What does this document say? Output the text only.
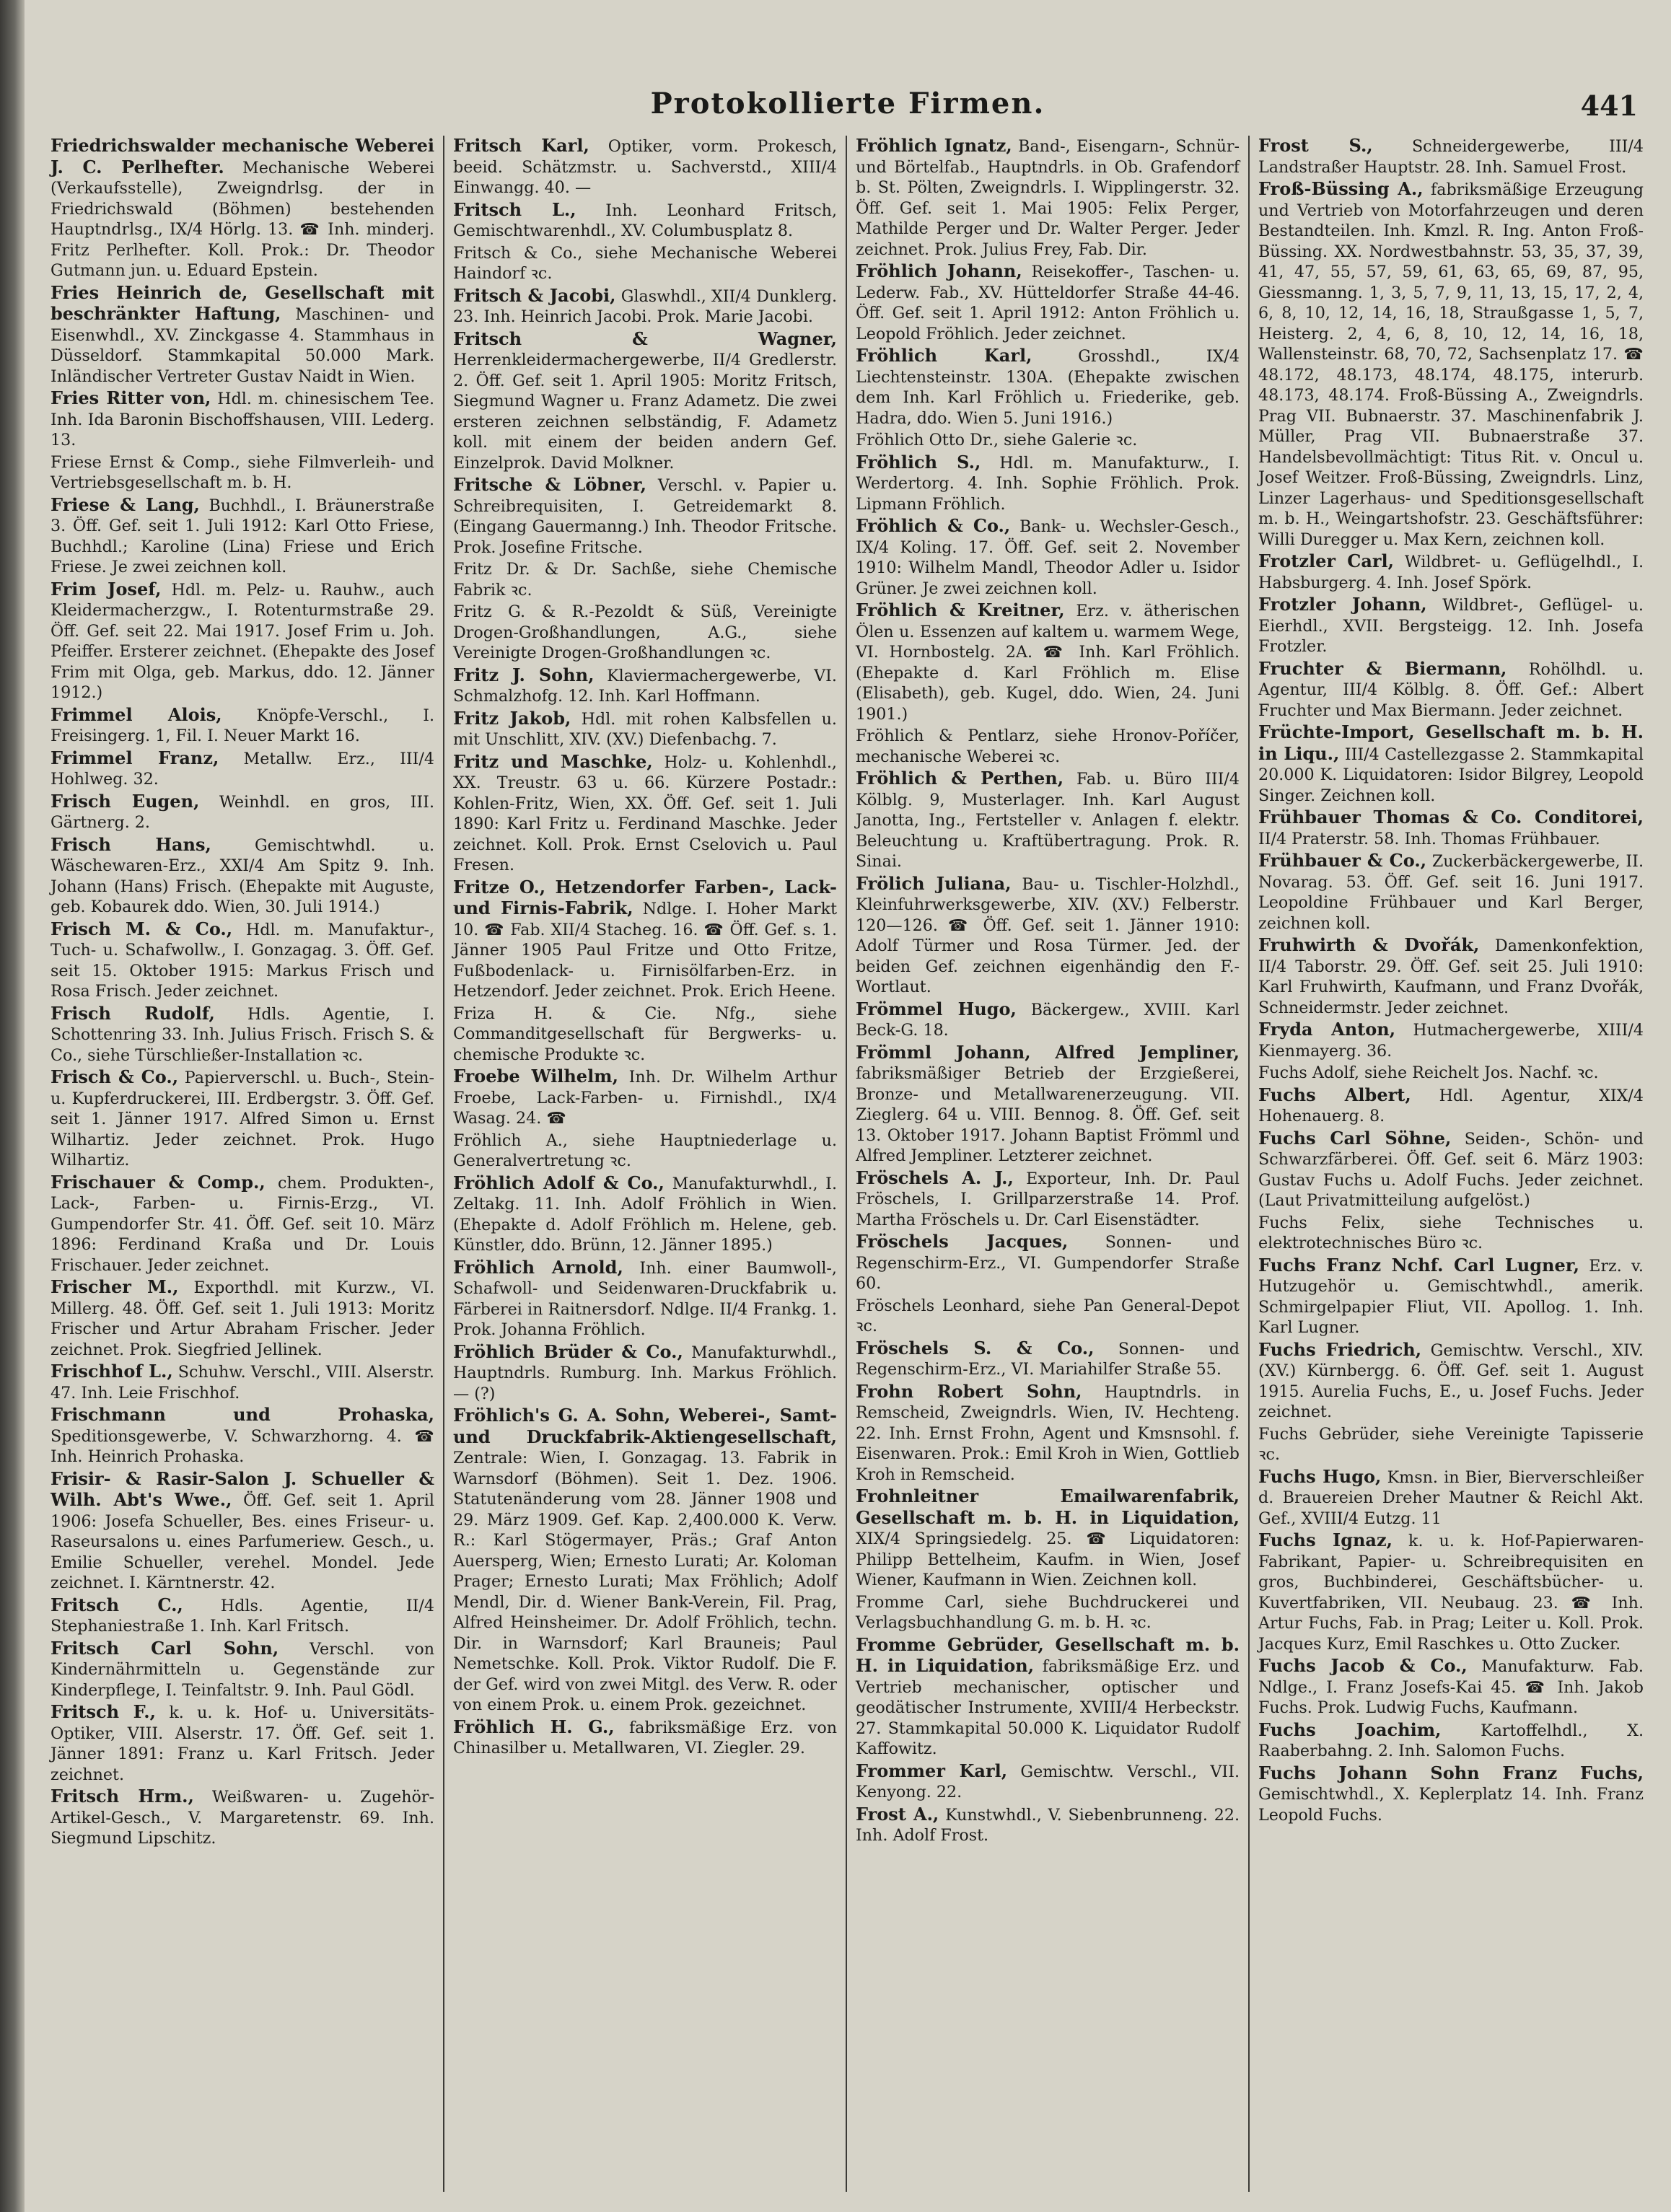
Protokollierte Firmen.	441

Friedrichswalder mechanische Weberei J. C. Perlhefter. Mechanische Weberei (Verkaufsstelle), Zweigndrlsg. der in Friedrichswald (Böhmen) bestehenden Hauptndrlsg., IX/4 Hörlg. 13. ☎ Inh. minderj. Fritz Perlhefter. Koll. Prok.: Dr. Theodor Gutmann jun. u. Eduard Epstein.

Fries Heinrich de, Gesellschaft mit beschränkter Haftung, Maschinen- und Eisenwhdl., XV. Zinckgasse 4. Stammhaus in Düsseldorf. Stammkapital 50.000 Mark. Inländischer Vertreter Gustav Naidt in Wien.

Fries Ritter von, Hdl. m. chinesischem Tee. Inh. Ida Baronin Bischoffshausen, VIII. Lederg. 13.

Friese Ernst & Comp., siehe Filmverleih- und Vertriebsgesellschaft m. b. H.

Friese & Lang, Buchhdl., I. Bräunerstraße 3. Öff. Gef. seit 1. Juli 1912: Karl Otto Friese, Buchhdl.; Karoline (Lina) Friese und Erich Friese. Je zwei zeichnen koll.

Frim Josef, Hdl. m. Pelz- u. Rauhw., auch Kleidermacherzgw., I. Rotenturmstraße 29. Öff. Gef. seit 22. Mai 1917. Josef Frim u. Joh. Pfeiffer. Ersterer zeichnet. (Ehepakte des Josef Frim mit Olga, geb. Markus, ddo. 12. Jänner 1912.)

Frimmel Alois, Knöpfe-Verschl., I. Freisingerg. 1, Fil. I. Neuer Markt 16.

Frimmel Franz, Metallw. Erz., III/4 Hohlweg. 32.

Frisch Eugen, Weinhdl. en gros, III. Gärtnerg. 2.

Frisch Hans,	Gemischtwhdl. u. Wäschewaren-Erz., XXI/4 Am Spitz 9. Inh. Johann (Hans) Frisch. (Ehepakte mit Auguste, geb. Kobaurek ddo. Wien, 30. Juli 1914.)

Frisch M. & Co., Hdl. m. Manufaktur-, Tuch- u. Schafwollw., I. Gonzagag. 3. Öff. Gef. seit 15. Oktober 1915: Markus Frisch und Rosa Frisch. Jeder zeichnet.

Frisch Rudolf, Hdls. Agentie, I. Schottenring 33. Inh. Julius Frisch. Frisch S. & Co., siehe Türschließer-Installation ꝛc.

Frisch & Co., Papierverschl. u. Buch-, Stein- u. Kupferdruckerei, III. Erdbergstr. 3. Öff. Gef. seit 1. Jänner 1917. Alfred Simon u. Ernst Wilhartiz. Jeder zeichnet. Prok. Hugo Wilhartiz.

Frischauer & Comp., chem. Produkten-, Lack-, Farben- u. Firnis-Erzg., VI. Gumpendorfer Str. 41. Öff. Gef. seit 10. März 1896: Ferdinand Kraßa und Dr. Louis Frischauer. Jeder zeichnet.

Frischer M., Exporthdl. mit Kurzw., VI. Millerg. 48. Öff. Gef. seit 1. Juli 1913: Moritz Frischer und Artur Abraham Frischer. Jeder zeichnet. Prok. Siegfried Jellinek.

Frischhof L., Schuhw. Verschl., VIII. Alserstr. 47. Inh. Leie Frischhof.

Frischmann und Prohaska, Speditionsgewerbe, V. Schwarzhorng. 4. ☎ Inh. Heinrich Prohaska.

Frisir- & Rasir-Salon J. Schueller & Wilh. Abt's Wwe., Öff. Gef. seit 1. April 1906: Josefa Schueller, Bes. eines Friseur- u. Raseursalons u. eines Parfumeriew. Gesch., u. Emilie Schueller, verehel. Mondel. Jede zeichnet. I. Kärntnerstr. 42.

Fritsch C., Hdls. Agentie, II/4 Stephaniestraße 1. Inh. Karl Fritsch.

Fritsch Carl Sohn, Verschl. von Kindernährmitteln u. Gegenstände zur Kinderpflege, I. Teinfaltstr. 9. Inh. Paul Gödl.

Fritsch F., k. u. k. Hof- u. Universitäts-Optiker, VIII. Alserstr. 17. Öff. Gef. seit 1. Jänner 1891: Franz u. Karl Fritsch. Jeder zeichnet.

Fritsch Hrm., Weißwaren- u. Zugehör-Artikel-Gesch., V. Margaretenstr. 69. Inh. Siegmund Lipschitz.

Fritsch Karl, Optiker, vorm. Prokesch, beeid. Schätzmstr. u. Sachverstd., XIII/4 Einwangg. 40. —

Fritsch L., Inh. Leonhard Fritsch, Gemischtwarenhdl., XV. Columbusplatz 8.

Fritsch & Co., siehe Mechanische Weberei Haindorf ꝛc.

Fritsch & Jacobi, Glaswhdl., XII/4 Dunklerg. 23. Inh. Heinrich Jacobi. Prok. Marie Jacobi.

Fritsch & Wagner, Herrenkleidermachergewerbe, II/4 Gredlerstr. 2. Öff. Gef. seit 1. April 1905: Moritz Fritsch, Siegmund Wagner u. Franz Adametz. Die zwei ersteren zeichnen selbständig, F. Adametz koll. mit einem der beiden andern Gef. Einzelprok. David Molkner.

Fritsche & Löbner, Verschl. v. Papier u. Schreibrequisiten, I. Getreidemarkt 8. (Eingang Gauermanng.) Inh. Theodor Fritsche. Prok. Josefine Fritsche.

Fritz Dr. & Dr. Sachße, siehe Chemische Fabrik ꝛc.

Fritz G. & R.-Pezoldt & Süß, Vereinigte Drogen-Großhandlungen, A.G., siehe Vereinigte Drogen-Großhandlungen ꝛc.

Fritz J. Sohn, Klaviermachergewerbe, VI. Schmalzhofg. 12. Inh. Karl Hoffmann.

Fritz Jakob, Hdl. mit rohen Kalbsfellen u. mit Unschlitt, XIV. (XV.) Diefenbachg. 7.

Fritz und Maschke, Holz- u. Kohlenhdl., XX. Treustr. 63 u. 66. Kürzere Postadr.: Kohlen-Fritz, Wien, XX. Öff. Gef. seit 1. Juli 1890: Karl Fritz u. Ferdinand Maschke. Jeder zeichnet. Koll. Prok. Ernst Cselovich u. Paul Fresen.

Fritze O., Hetzendorfer Farben-, Lack- und Firnis-Fabrik, Ndlge. I. Hoher Markt 10. ☎ Fab. XII/4 Stacheg. 16. ☎ Öff. Gef. s. 1. Jänner 1905 Paul Fritze und Otto Fritze, Fußbodenlack- u. Firnisölfarben-Erz. in Hetzendorf. Jeder zeichnet. Prok. Erich Heene.

Friza H. & Cie. Nfg., siehe Commanditgesellschaft für Bergwerks- u. chemische Produkte ꝛc.

Froebe Wilhelm, Inh. Dr. Wilhelm Arthur Froebe, Lack-Farben- u. Firnishdl., IX/4 Wasag. 24. ☎

Fröhlich A., siehe Hauptniederlage u. Generalvertretung ꝛc.

Fröhlich Adolf & Co., Manufakturwhdl., I. Zeltakg. 11. Inh. Adolf Fröhlich in Wien. (Ehepakte d. Adolf Fröhlich m. Helene, geb. Künstler, ddo. Brünn, 12. Jänner 1895.)

Fröhlich Arnold, Inh. einer Baumwoll-, Schafwoll- und Seidenwaren-Druckfabrik u. Färberei in Raitnersdorf. Ndlge. II/4 Frankg. 1. Prok. Johanna Fröhlich.

Fröhlich Brüder & Co., Manufakturwhdl., Hauptndrls. Rumburg. Inh. Markus Fröhlich. — (?)

Fröhlich's G. A. Sohn, Weberei-, Samt- und Druckfabrik-Aktiengesellschaft, Zentrale: Wien, I. Gonzagag. 13. Fabrik in Warnsdorf (Böhmen). Seit 1. Dez. 1906. Statutenänderung vom 28. Jänner 1908 und 29. März 1909. Gef. Kap. 2,400.000 K. Verw. R.: Karl Stögermayer, Präs.; Graf Anton Auersperg, Wien; Ernesto Lurati; Ar. Koloman Prager; Ernesto Lurati; Max Fröhlich; Adolf Mendl, Dir. d. Wiener Bank-Verein, Fil. Prag, Alfred Heinsheimer. Dr. Adolf Fröhlich, techn. Dir. in Warnsdorf; Karl Brauneis; Paul Nemetschke. Koll. Prok. Viktor Rudolf. Die F. der Gef. wird von zwei Mitgl. des Verw. R. oder von einem Prok. u. einem Prok. gezeichnet.

Fröhlich H. G., fabriksmäßige Erz. von Chinasilber u. Metallwaren, VI. Ziegler. 29.

Fröhlich Ignatz, Band-, Eisengarn-, Schnür- und Börtelfab., Hauptndrls. in Ob. Grafendorf b. St. Pölten, Zweigndrls. I. Wipplingerstr. 32. Öff. Gef. seit 1. Mai 1905: Felix Perger, Mathilde Perger und Dr. Walter Perger. Jeder zeichnet. Prok. Julius Frey, Fab. Dir.

Fröhlich Johann, Reisekoffer-, Taschen- u. Lederw. Fab., XV. Hütteldorfer Straße 44-46. Öff. Gef. seit 1. April 1912: Anton Fröhlich u. Leopold Fröhlich. Jeder zeichnet.

Fröhlich Karl,	Grosshdl., IX/4 Liechtensteinstr. 130A. (Ehepakte zwischen dem Inh. Karl Fröhlich u. Friederike, geb. Hadra, ddo. Wien 5. Juni 1916.)

Fröhlich Otto Dr., siehe Galerie ꝛc.

Fröhlich S., Hdl. m. Manufakturw., I. Werdertorg. 4. Inh. Sophie Fröhlich. Prok. Lipmann Fröhlich.

Fröhlich & Co., Bank- u. Wechsler-Gesch., IX/4 Koling. 17. Öff. Gef. seit 2. November 1910: Wilhelm Mandl, Theodor Adler u. Isidor Grüner. Je zwei zeichnen koll.

Fröhlich & Kreitner, Erz. v. ätherischen Ölen u. Essenzen auf kaltem u. warmem Wege, VI. Hornbostelg. 2A. ☎ Inh. Karl Fröhlich. (Ehepakte d. Karl Fröhlich m. Elise (Elisabeth), geb. Kugel, ddo. Wien, 24. Juni 1901.)

Fröhlich & Pentlarz, siehe Hronov-Poříčer, mechanische Weberei ꝛc.

Fröhlich & Perthen, Fab. u. Büro III/4 Kölblg. 9, Musterlager. Inh. Karl August Janotta, Ing., Fertsteller v. Anlagen f. elektr. Beleuchtung u. Kraftübertragung. Prok. R. Sinai.

Frölich Juliana, Bau- u. Tischler-Holzhdl., Kleinfuhrwerksgewerbe, XIV. (XV.) Felberstr. 120—126. ☎ Öff. Gef. seit 1. Jänner 1910: Adolf Türmer und Rosa Türmer. Jed. der beiden Gef. zeichnen eigenhändig den F.-Wortlaut.

Frömmel Hugo, Bäckergew., XVIII. Karl Beck-G. 18.

Frömml Johann, Alfred Jempliner, fabriksmäßiger Betrieb der Erzgießerei, Bronze- und Metallwarenerzeugung. VII. Zieglerg. 64 u. VIII. Bennog. 8. Öff. Gef. seit 13. Oktober 1917. Johann Baptist Frömml und Alfred Jempliner. Letzterer zeichnet.

Fröschels A. J., Exporteur, Inh. Dr. Paul Fröschels, I. Grillparzerstraße 14. Prof. Martha Fröschels u. Dr. Carl Eisenstädter.

Fröschels Jacques, Sonnen- und Regenschirm-Erz., VI. Gumpendorfer Straße 60.

Fröschels Leonhard, siehe Pan General-Depot ꝛc.

Fröschels S. & Co., Sonnen- und Regenschirm-Erz., VI. Mariahilfer Straße 55.

Frohn Robert Sohn, Hauptndrls. in Remscheid, Zweigndrls. Wien, IV. Hechteng. 22. Inh. Ernst Frohn, Agent und Kmsnsohl. f. Eisenwaren. Prok.: Emil Kroh in Wien, Gottlieb Kroh in Remscheid.

Frohnleitner Emailwarenfabrik, Gesellschaft m. b. H. in Liquidation, XIX/4 Springsiedelg. 25. ☎ Liquidatoren: Philipp Bettelheim, Kaufm. in Wien, Josef Wiener, Kaufmann in Wien. Zeichnen koll.

Fromme Carl, siehe Buchdruckerei und Verlagsbuchhandlung G. m. b. H. ꝛc.

Fromme Gebrüder, Gesellschaft m. b. H. in Liquidation, fabriksmäßige Erz. und Vertrieb mechanischer, optischer und geodätischer Instrumente, XVIII/4 Herbeckstr. 27. Stammkapital 50.000 K. Liquidator Rudolf Kaffowitz.

Frommer Karl, Gemischtw. Verschl., VII. Kenyong. 22.

Frost A., Kunstwhdl., V. Siebenbrunneng. 22. Inh. Adolf Frost.

Frost S., Schneidergewerbe, III/4 Landstraßer Hauptstr. 28. Inh. Samuel Frost.

Froß-Büssing A., fabriksmäßige Erzeugung und Vertrieb von Motorfahrzeugen und deren Bestandteilen. Inh. Kmzl. R. Ing. Anton Froß-Büssing. XX. Nordwestbahnstr. 53, 35, 37, 39, 41, 47, 55, 57, 59, 61, 63, 65, 69, 87, 95, Giessmanng. 1, 3, 5, 7, 9, 11, 13, 15, 17, 2, 4, 6, 8, 10, 12, 14, 16, 18, Straußgasse 1, 5, 7, Heisterg. 2, 4, 6, 8, 10, 12, 14, 16, 18, Wallensteinstr. 68, 70, 72, Sachsenplatz 17. ☎ 48.172, 48.173, 48.174, 48.175, interurb. 48.173, 48.174. Froß-Büssing A., Zweigndrls. Prag VII. Bubnaerstr. 37. Maschinenfabrik J. Müller, Prag VII. Bubnaerstraße 37. Handelsbevollmächtigt: Titus Rit. v. Oncul u. Josef Weitzer. Froß-Büssing, Zweigndrls. Linz, Linzer Lagerhaus- und Speditionsgesellschaft m. b. H., Weingartshofstr. 23. Geschäftsführer: Willi Duregger u. Max Kern, zeichnen koll.

Frotzler Carl, Wildbret- u. Geflügelhdl., I. Habsburgerg. 4. Inh. Josef Spörk.

Frotzler Johann, Wildbret-, Geflügel- u. Eierhdl., XVII. Bergsteigg. 12. Inh. Josefa Frotzler.

Fruchter & Biermann, Rohölhdl. u. Agentur, III/4 Kölblg. 8. Öff. Gef.: Albert Fruchter und Max Biermann. Jeder zeichnet.

Früchte-Import, Gesellschaft m. b. H. in Liqu., III/4 Castellezgasse 2. Stammkapital 20.000 K. Liquidatoren: Isidor Bilgrey, Leopold Singer. Zeichnen koll.

Frühbauer Thomas & Co. Conditorei, II/4 Praterstr. 58. Inh. Thomas Frühbauer.

Frühbauer & Co., Zuckerbäckergewerbe, II. Novarag. 53. Öff. Gef. seit 16. Juni 1917. Leopoldine Frühbauer und Karl Berger, zeichnen koll.

Fruhwirth & Dvořák, Damenkonfektion, II/4 Taborstr. 29. Öff. Gef. seit 25. Juli 1910: Karl Fruhwirth, Kaufmann, und Franz Dvořák, Schneidermstr. Jeder zeichnet.

Fryda Anton, Hutmachergewerbe, XIII/4 Kienmayerg. 36.

Fuchs Adolf, siehe Reichelt Jos. Nachf. ꝛc.

Fuchs Albert, Hdl. Agentur, XIX/4 Hohenauerg. 8.

Fuchs Carl Söhne, Seiden-, Schön- und Schwarzfärberei. Öff. Gef. seit 6. März 1903: Gustav Fuchs u. Adolf Fuchs. Jeder zeichnet. (Laut Privatmitteilung aufgelöst.)

Fuchs Felix, siehe Technisches u. elektrotechnisches Büro ꝛc.

Fuchs Franz Nchf. Carl Lugner, Erz. v. Hutzugehör u. Gemischtwhdl., amerik. Schmirgelpapier Fliut, VII. Apollog. 1. Inh. Karl Lugner.

Fuchs Friedrich, Gemischtw. Verschl., XIV. (XV.) Kürnbergg. 6. Öff. Gef. seit 1. August 1915. Aurelia Fuchs, E., u. Josef Fuchs. Jeder zeichnet.

Fuchs Gebrüder, siehe Vereinigte Tapisserie ꝛc.

Fuchs Hugo, Kmsn. in Bier, Bierverschleißer d. Brauereien Dreher Mautner & Reichl Akt. Gef., XVIII/4 Eutzg. 11

Fuchs Ignaz, k. u. k. Hof-Papierwaren-Fabrikant, Papier- u. Schreibrequisiten en gros, Buchbinderei, Geschäftsbücher- u. Kuvertfabriken, VII. Neubaug. 23. ☎ Inh. Artur Fuchs, Fab. in Prag; Leiter u. Koll. Prok. Jacques Kurz, Emil Raschkes u. Otto Zucker.

Fuchs Jacob & Co., Manufakturw. Fab. Ndlge., I. Franz Josefs-Kai 45. ☎ Inh. Jakob Fuchs. Prok. Ludwig Fuchs, Kaufmann.

Fuchs Joachim, Kartoffelhdl., X. Raaberbahng. 2. Inh. Salomon Fuchs.

Fuchs Johann Sohn Franz Fuchs, Gemischtwhdl., X. Keplerplatz 14. Inh. Franz Leopold Fuchs.
